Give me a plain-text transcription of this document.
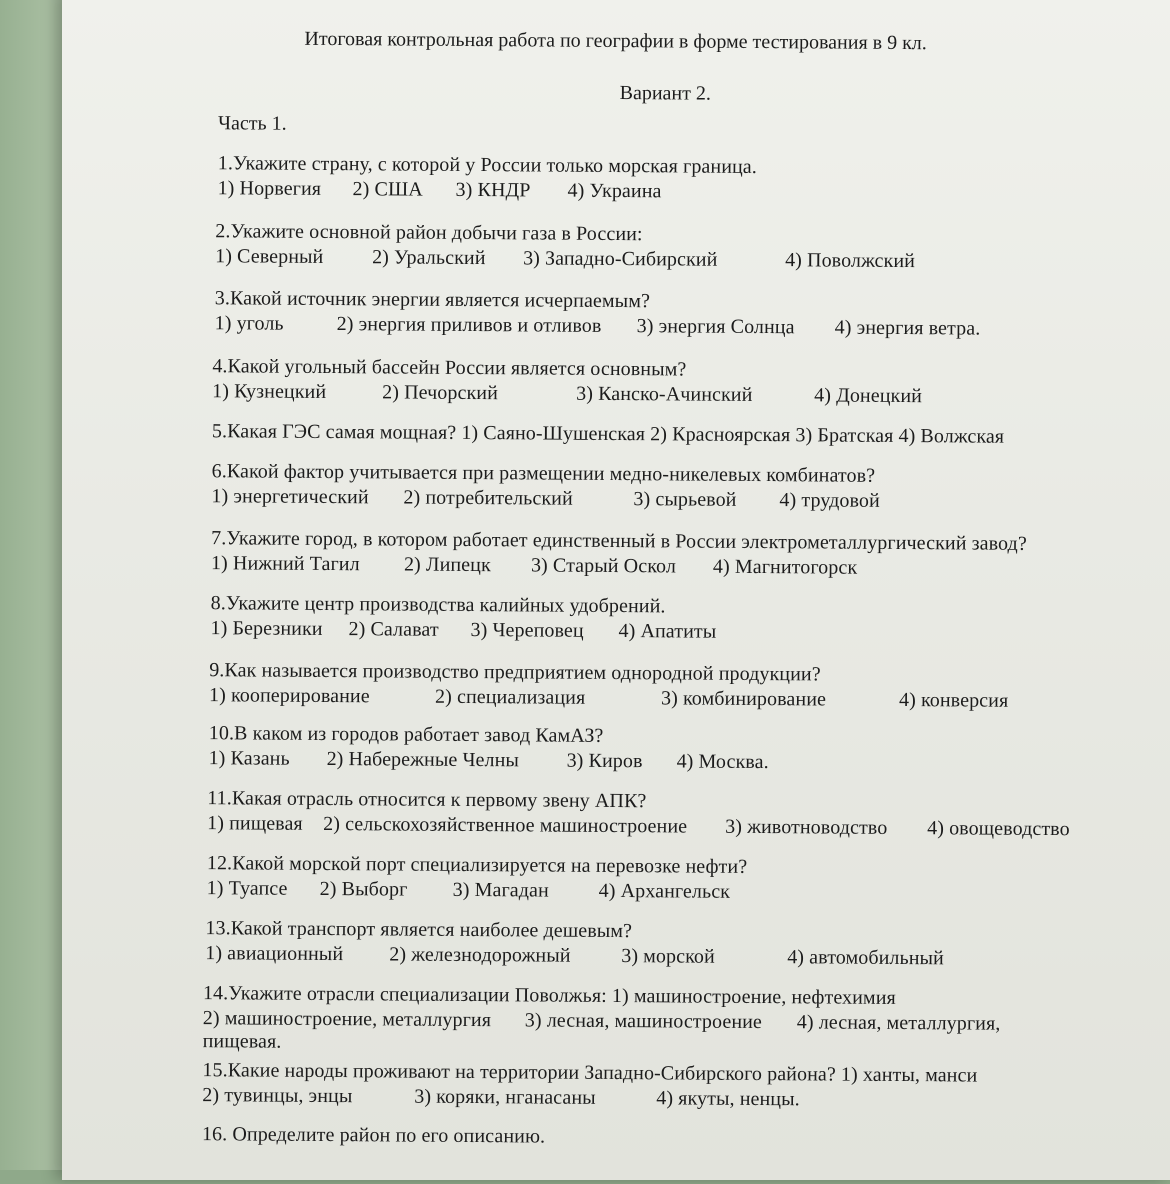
Итоговая контрольная работа по географии в форме тестирования в 9 кл.
Вариант 2.
Часть 1.
1.Укажите страну, с которой у России только морская граница.
1) Норвегия 2) США 3) КНДР 4) Украина
2.Укажите основной район добычи газа в России:
1) Северный 2) Уральский 3) Западно-Сибирский	4) Поволжский
3.Какой источник энергии является исчерпаемым?
1) уголь	2) энергия приливов и отливов 3) энергия Солнца 4) энергия ветра.
4.Какой угольный бассейн России является основным?
1) Кузнецкий	2) Печорский	3) Канско-Ачинский	4) Донецкий
5.Какая ГЭС самая мощная? 1) Саяно-Шушенская 2) Красноярская 3) Братская 4) Волжская
6.Какой фактор учитывается при размещении медно-никелевых комбинатов?
1) энергетический 2) потребительский	3) сырьевой 4) трудовой
7.Укажите город, в котором работает единственный в России электрометаллургический завод?
1) Нижний Тагил 2) Липецк 3) Старый Оскол 4) Магнитогорск
8.Укажите центр производства калийных удобрений.
1) Березники 2) Салават 3) Череповец 4) Апатиты
9.Как называется производство предприятием однородной продукции?
1) кооперирование	2) специализация	3) комбинирование	4) конверсия
10.В каком из городов работает завод КамАЗ?
1) Казань 2) Набережные Челны 3) Киров 4) Москва.
11.Какая отрасль относится к первому звену АПК?
1) пищевая 2) сельскохозяйственное машиностроение 3) животноводство 4) овощеводство
12.Какой морской порт специализируется на перевозке нефти?
1) Туапсе 2) Выборг 3) Магадан 4) Архангельск
13.Какой транспорт является наиболее дешевым?
1) авиационный 2) железнодорожный	3) морской	4) автомобильный
14.Укажите отрасли специализации Поволжья: 1) машиностроение, нефтехимия
2) машиностроение, металлургия 3) лесная, машиностроение 4) лесная, металлургия,
пищевая.
15.Какие народы проживают на территории Западно-Сибирского района? 1) ханты, манси
2) тувинцы, энцы	3) коряки, нганасаны	4) якуты, ненцы.
16. Определите район по его описанию.
